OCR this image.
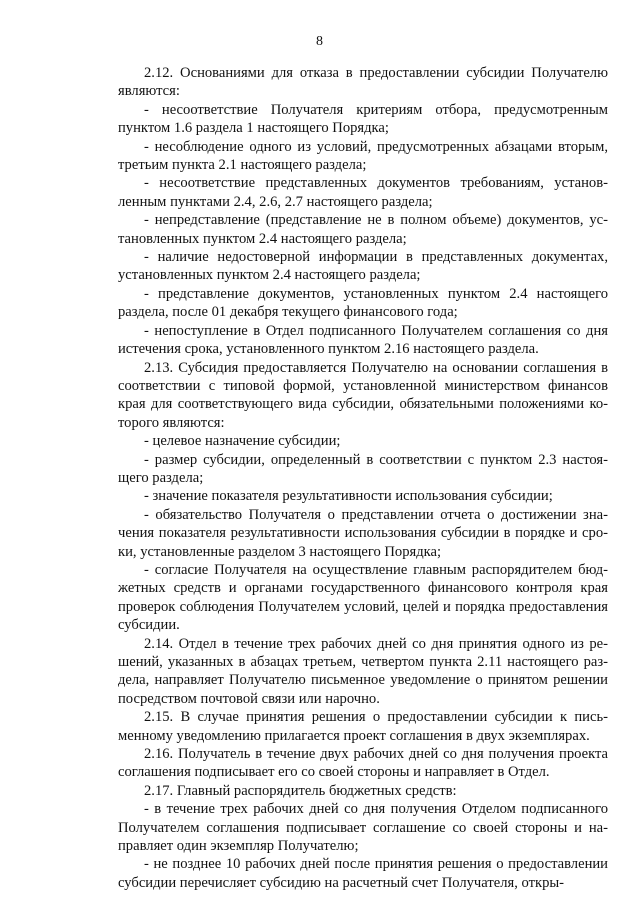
8

2.12. Основаниями для отказа в предоставлении субсидии Получателю являются:

- несоответствие Получателя критериям отбора, предусмотренным пунктом 1.6 раздела 1 настоящего Порядка;

- несоблюдение одного из условий, предусмотренных абзацами вторым, третьим пункта 2.1 настоящего раздела;

- несоответствие представленных документов требованиям, установленным пунктами 2.4, 2.6, 2.7 настоящего раздела;

- непредставление (представление не в полном объеме) документов, установленных пунктом 2.4 настоящего раздела;

- наличие недостоверной информации в представленных документах, установленных пунктом 2.4 настоящего раздела;

- представление документов, установленных пунктом 2.4 настоящего раздела, после 01 декабря текущего финансового года;

- непоступление в Отдел подписанного Получателем соглашения со дня истечения срока, установленного пунктом 2.16 настоящего раздела.

2.13. Субсидия предоставляется Получателю на основании соглашения в соответствии с типовой формой, установленной министерством финансов края для соответствующего вида субсидии, обязательными положениями которого являются:

- целевое назначение субсидии;

- размер субсидии, определенный в соответствии с пунктом 2.3 настоящего раздела;

- значение показателя результативности использования субсидии;

- обязательство Получателя о представлении отчета о достижении значения показателя результативности использования субсидии в порядке и сроки, установленные разделом 3 настоящего Порядка;

- согласие Получателя на осуществление главным распорядителем бюджетных средств и органами государственного финансового контроля края проверок соблюдения Получателем условий, целей и порядка предоставления субсидии.

2.14. Отдел в течение трех рабочих дней со дня принятия одного из решений, указанных в абзацах третьем, четвертом пункта 2.11 настоящего раздела, направляет Получателю письменное уведомление о принятом решении посредством почтовой связи или нарочно.

2.15. В случае принятия решения о предоставлении субсидии к письменному уведомлению прилагается проект соглашения в двух экземплярах.

2.16. Получатель в течение двух рабочих дней со дня получения проекта соглашения подписывает его со своей стороны и направляет в Отдел.

2.17. Главный распорядитель бюджетных средств:

- в течение трех рабочих дней со дня получения Отделом подписанного Получателем соглашения подписывает соглашение со своей стороны и направляет один экземпляр Получателю;

- не позднее 10 рабочих дней после принятия решения о предоставлении субсидии перечисляет субсидию на расчетный счет Получателя, откры-
